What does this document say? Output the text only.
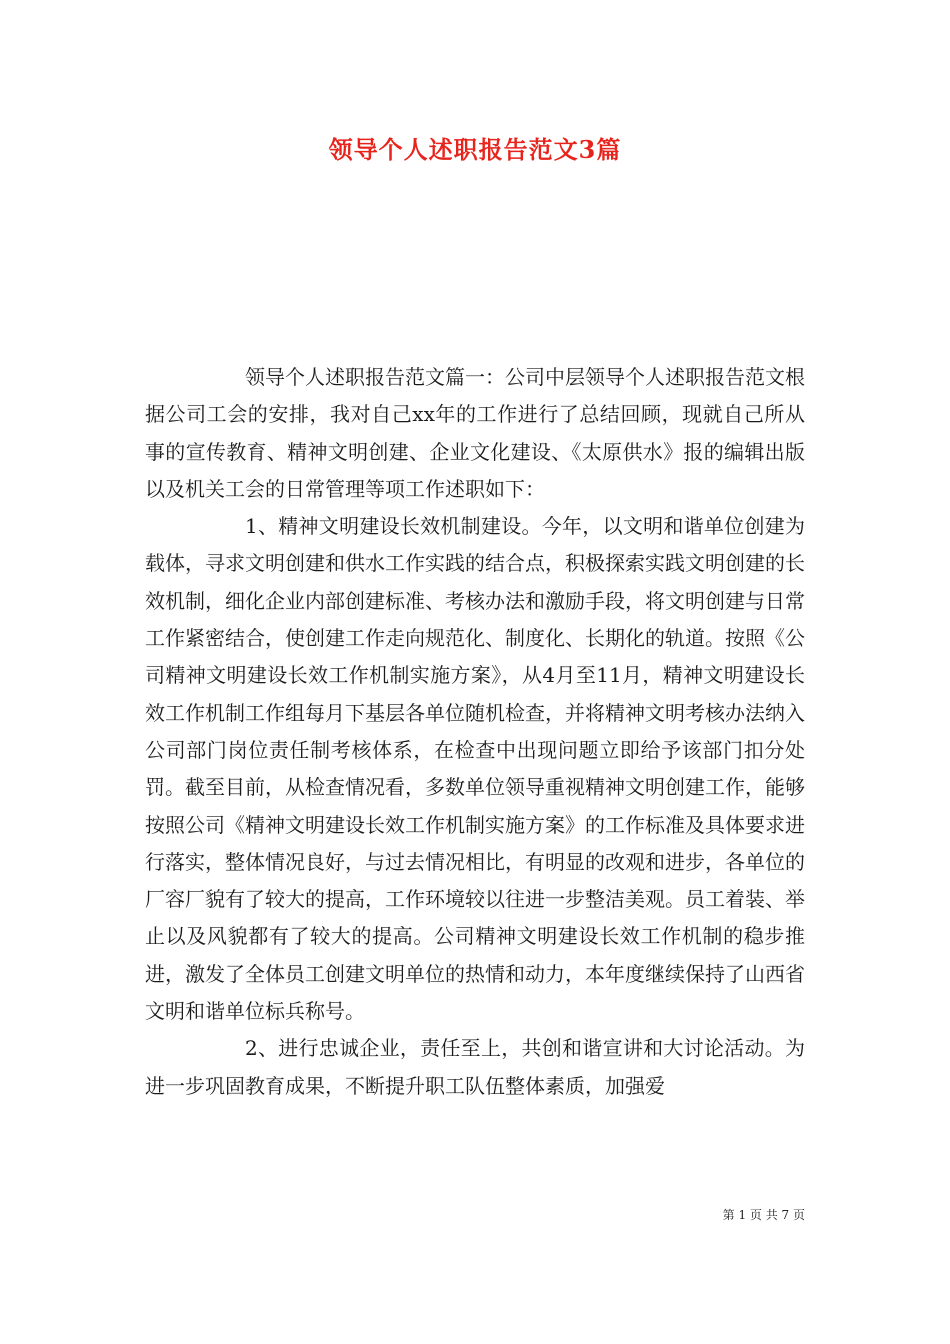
领导个人述职报告范文3篇

领导个人述职报告范文篇一：公司中层领导个人述职报告范文根据公司工会的安排，我对自己xx年的工作进行了总结回顾，现就自己所从事的宣传教育、精神文明创建、企业文化建设、《太原供水》报的编辑出版以及机关工会的日常管理等项工作述职如下：

1、精神文明建设长效机制建设。今年，以文明和谐单位创建为载体，寻求文明创建和供水工作实践的结合点，积极探索实践文明创建的长效机制，细化企业内部创建标准、考核办法和激励手段，将文明创建与日常工作紧密结合，使创建工作走向规范化、制度化、长期化的轨道。按照《公司精神文明建设长效工作机制实施方案》，从4月至11月，精神文明建设长效工作机制工作组每月下基层各单位随机检查，并将精神文明考核办法纳入公司部门岗位责任制考核体系，在检查中出现问题立即给予该部门扣分处罚。截至目前，从检查情况看，多数单位领导重视精神文明创建工作，能够按照公司《精神文明建设长效工作机制实施方案》的工作标准及具体要求进行落实，整体情况良好，与过去情况相比，有明显的改观和进步，各单位的厂容厂貌有了较大的提高，工作环境较以往进一步整洁美观。员工着装、举止以及风貌都有了较大的提高。公司精神文明建设长效工作机制的稳步推进，激发了全体员工创建文明单位的热情和动力，本年度继续保持了山西省文明和谐单位标兵称号。

2、进行忠诚企业，责任至上，共创和谐宣讲和大讨论活动。为进一步巩固教育成果，不断提升职工队伍整体素质，加强爱

第 1 页 共 7 页
